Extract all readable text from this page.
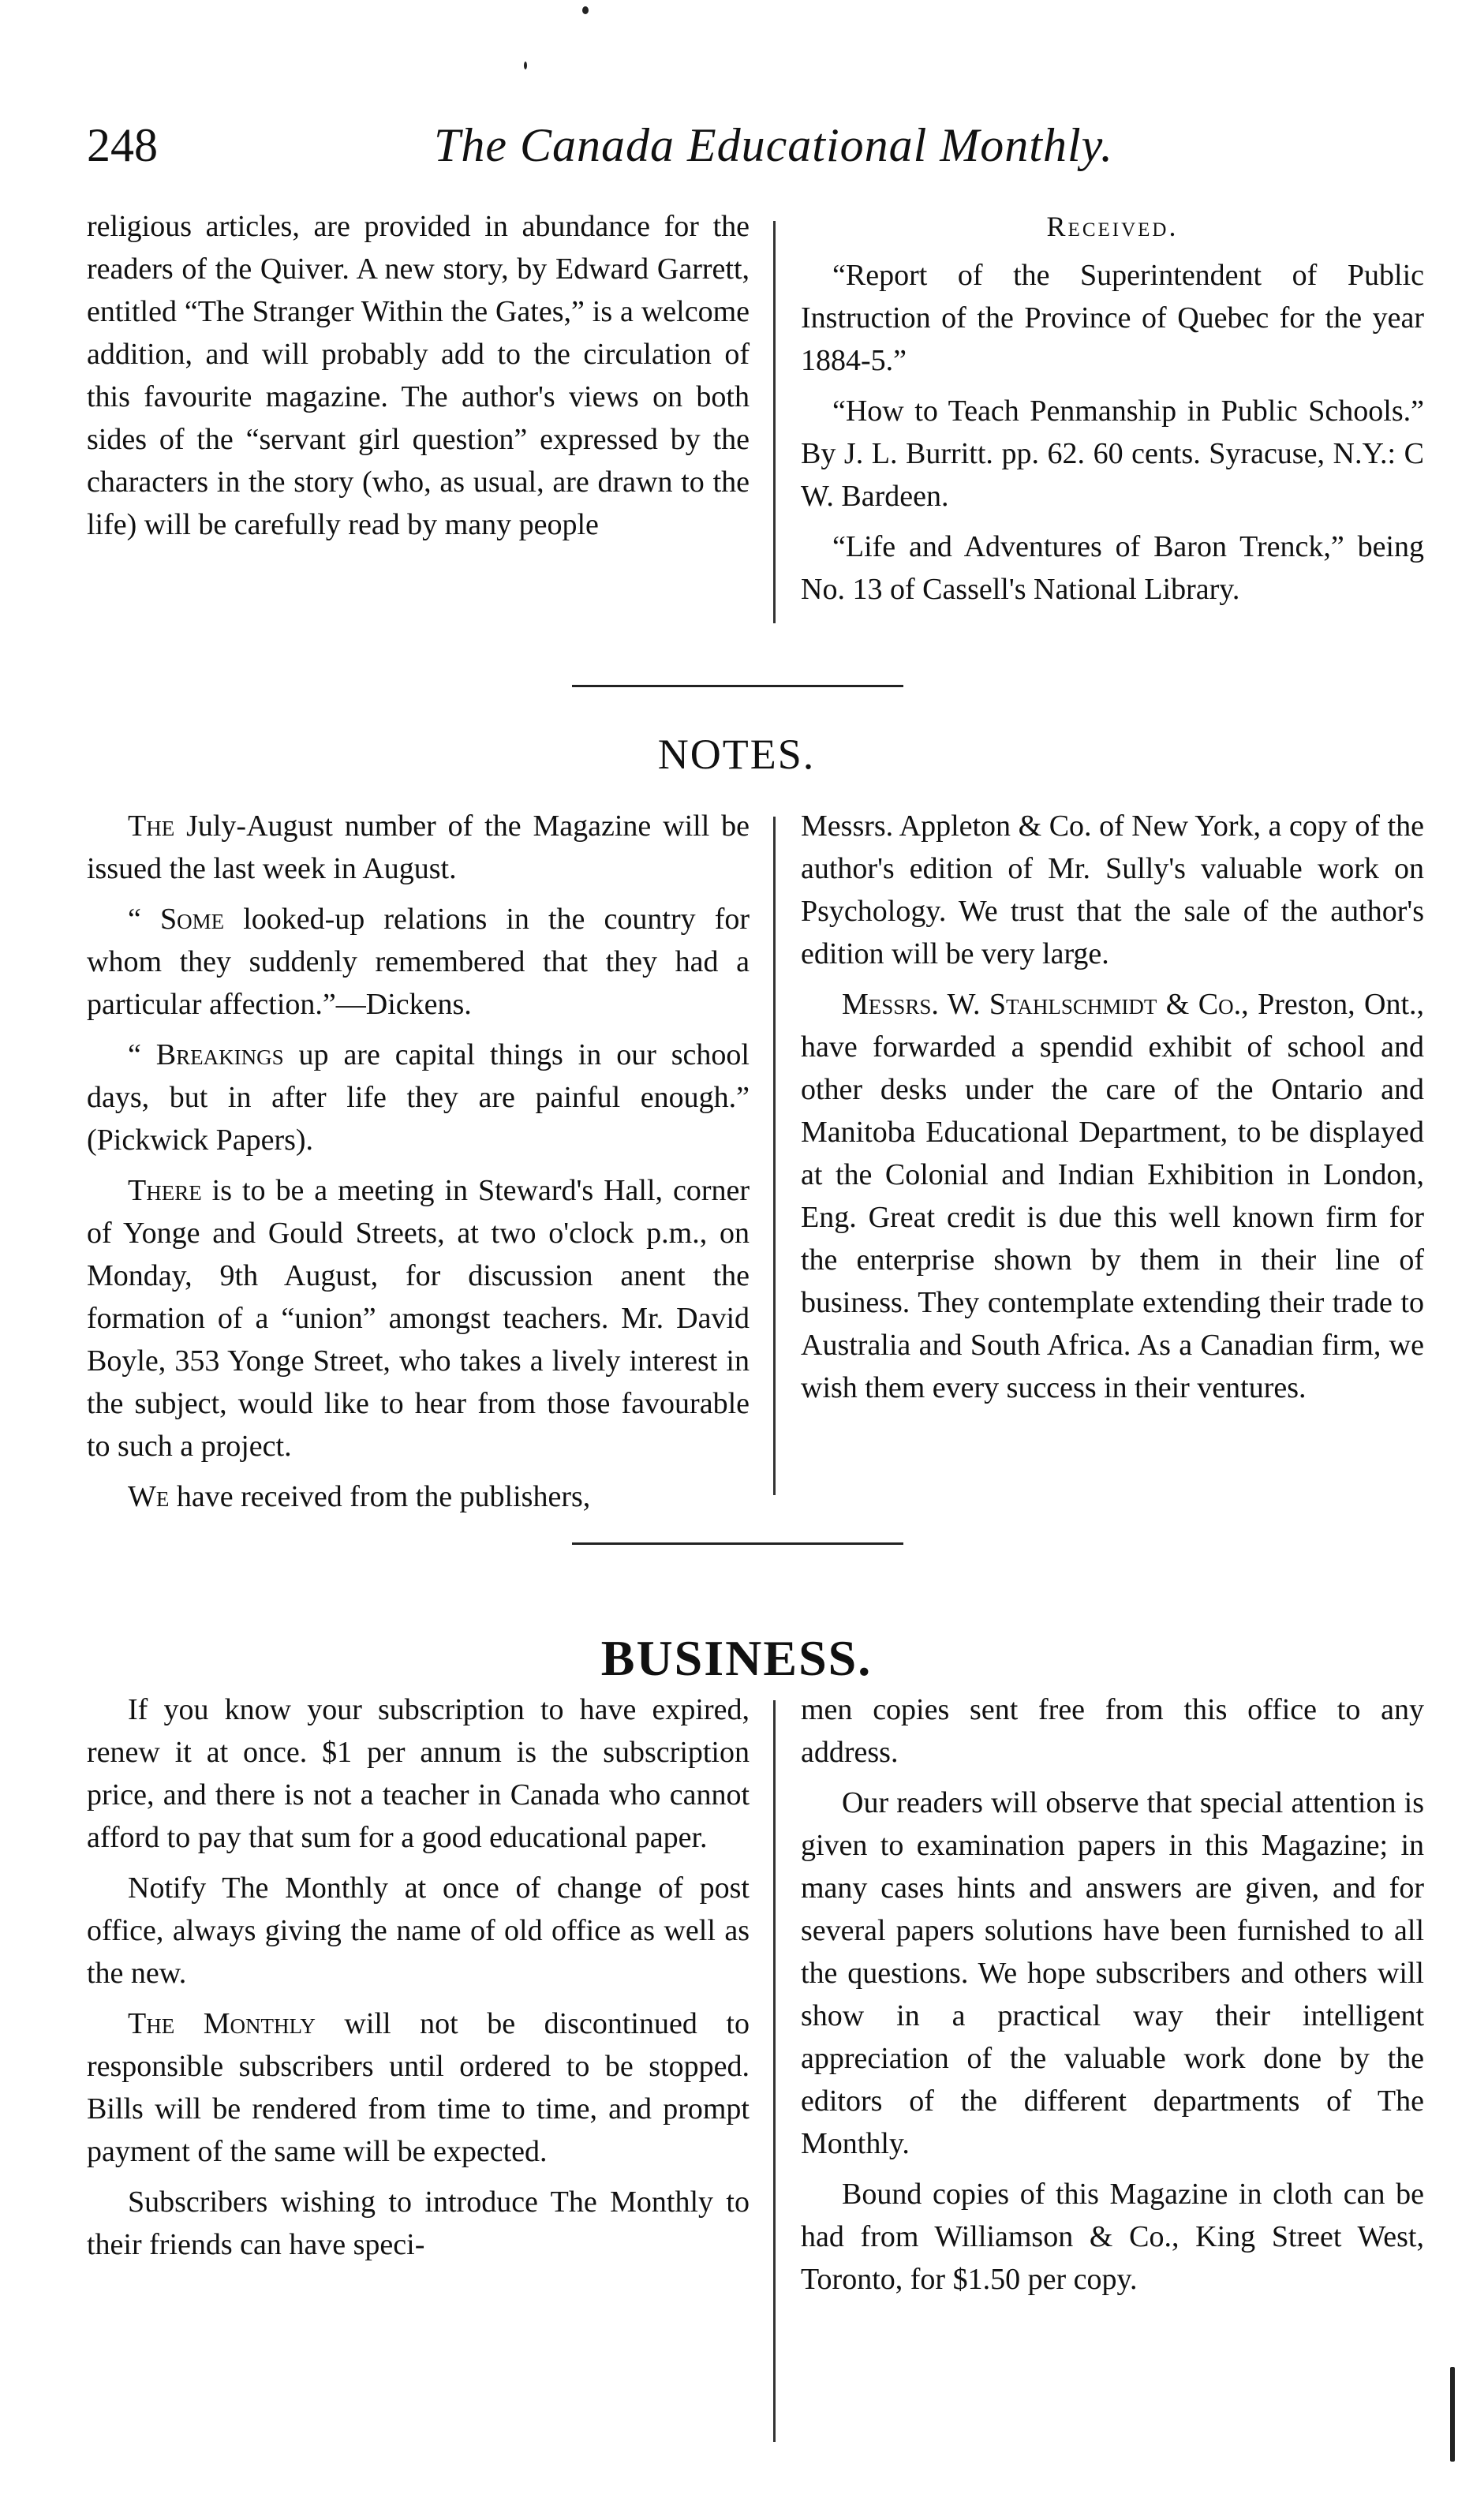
248	The Canada Educational Monthly.

religious articles, are provided in abundance for the readers of the Quiver. A new story, by Edward Garrett, entitled “The Stranger Within the Gates,” is a welcome addition, and will probably add to the circulation of this favourite magazine. The author's views on both sides of the “servant girl question” expressed by the characters in the story (who, as usual, are drawn to the life) will be carefully read by many people

Received.

“Report of the Superintendent of Public Instruction of the Province of Quebec for the year 1884-5.”

“How to Teach Penmanship in Public Schools.” By J. L. Burritt. pp. 62. 60 cents. Syracuse, N.Y.: C W. Bardeen.

“Life and Adventures of Baron Trenck,” being No. 13 of Cassell's National Library.

NOTES.

The July-August number of the Magazine will be issued the last week in August.

“ Some looked-up relations in the country for whom they suddenly remembered that they had a particular affection.”—Dickens.

“ Breakings up are capital things in our school days, but in after life they are painful enough.” (Pickwick Papers).

There is to be a meeting in Steward's Hall, corner of Yonge and Gould Streets, at two o'clock p.m., on Monday, 9th August, for discussion anent the formation of a “union” amongst teachers. Mr. David Boyle, 353 Yonge Street, who takes a lively interest in the subject, would like to hear from those favourable to such a project.

We have received from the publishers,

Messrs. Appleton & Co. of New York, a copy of the author's edition of Mr. Sully's valuable work on Psychology. We trust that the sale of the author's edition will be very large.

Messrs. W. Stahlschmidt & Co., Preston, Ont., have forwarded a spendid exhibit of school and other desks under the care of the Ontario and Manitoba Educational Department, to be displayed at the Colonial and Indian Exhibition in London, Eng. Great credit is due this well known firm for the enterprise shown by them in their line of business. They contemplate extending their trade to Australia and South Africa. As a Canadian firm, we wish them every success in their ventures.

BUSINESS.

If you know your subscription to have expired, renew it at once. $1 per annum is the subscription price, and there is not a teacher in Canada who cannot afford to pay that sum for a good educational paper.

Notify The Monthly at once of change of post office, always giving the name of old office as well as the new.

The Monthly will not be discontinued to responsible subscribers until ordered to be stopped. Bills will be rendered from time to time, and prompt payment of the same will be expected.

Subscribers wishing to introduce The Monthly to their friends can have speci-

men copies sent free from this office to any address.

Our readers will observe that special attention is given to examination papers in this Magazine; in many cases hints and answers are given, and for several papers solutions have been furnished to all the questions. We hope subscribers and others will show in a practical way their intelligent appreciation of the valuable work done by the editors of the different departments of The Monthly.

Bound copies of this Magazine in cloth can be had from Williamson & Co., King Street West, Toronto, for $1.50 per copy.
